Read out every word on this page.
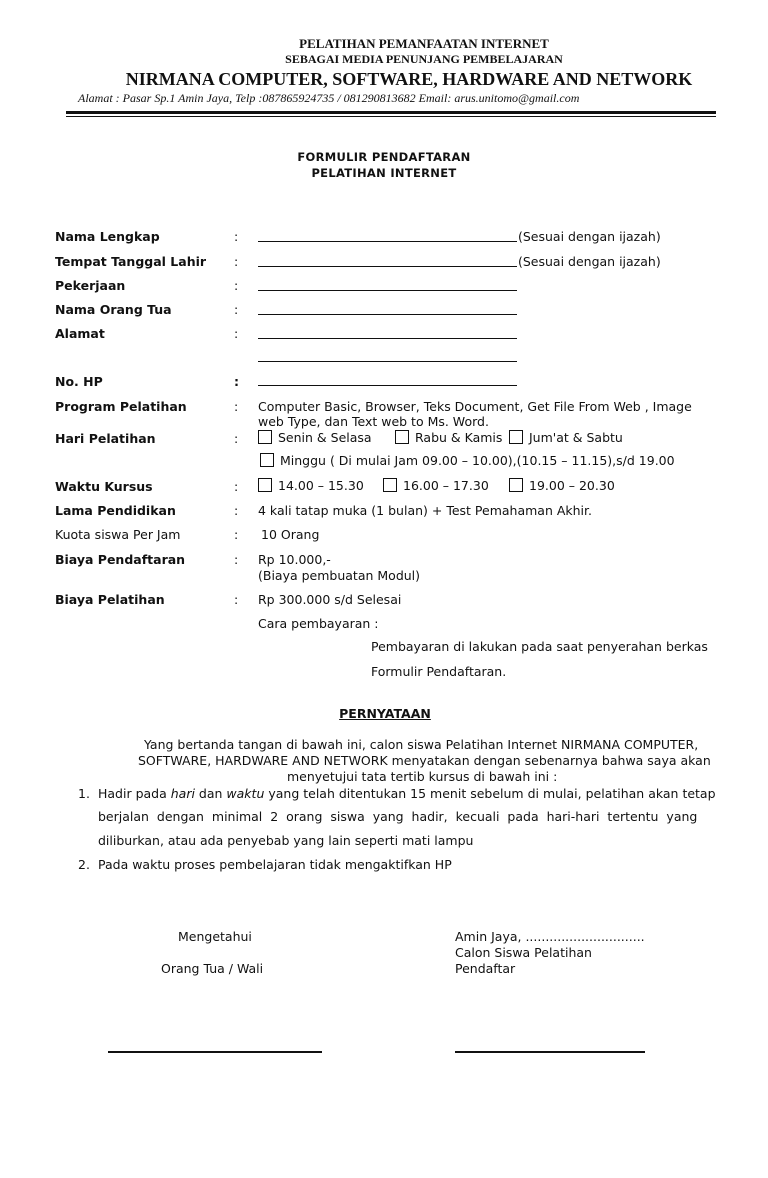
PELATIHAN PEMANFAATAN INTERNET
SEBAGAI MEDIA PENUNJANG PEMBELAJARAN
NIRMANA COMPUTER, SOFTWARE, HARDWARE AND NETWORK
Alamat : Pasar Sp.1 Amin Jaya, Telp :087865924735 / 081290813682 Email: arus.unitomo@gmail.com
FORMULIR PENDAFTARAN
PELATIHAN INTERNET
Nama Lengkap	:	(Sesuai dengan ijazah)
Tempat Tanggal Lahir :	(Sesuai dengan ijazah)
Pekerjaan	:
Nama Orang Tua	:
Alamat	:
No. HP	:
Program Pelatihan	: Computer Basic, Browser, Teks Document, Get File From Web , Image
web Type, dan Text web to Ms. Word.
Hari Pelatihan	:	Senin & Selasa	Rabu & Kamis	Jum'at & Sabtu
Minggu ( Di mulai Jam 09.00 – 10.00),(10.15 – 11.15),s/d 19.00
Waktu Kursus	:	14.00 – 15.30	16.00 – 17.30	19.00 – 20.30
Lama Pendidikan	: 4 kali tatap muka (1 bulan) + Test Pemahaman Akhir.
Kuota siswa Per Jam	: 10 Orang
Biaya Pendaftaran	: Rp 10.000,-
(Biaya pembuatan Modul)
Biaya Pelatihan	: Rp 300.000 s/d Selesai
Cara pembayaran :
Pembayaran di lakukan pada saat penyerahan berkas
Formulir Pendaftaran.
PERNYATAAN
Yang bertanda tangan di bawah ini, calon siswa Pelatihan Internet NIRMANA COMPUTER,
SOFTWARE, HARDWARE AND NETWORK menyatakan dengan sebenarnya bahwa saya akan
menyetujui tata tertib kursus di bawah ini :
1. Hadir pada hari dan waktu yang telah ditentukan 15 menit sebelum di mulai, pelatihan akan tetap
berjalan  dengan  minimal  2  orang  siswa  yang  hadir,  kecuali  pada  hari-hari  tertentu  yang
diliburkan, atau ada penyebab yang lain seperti mati lampu
2. Pada waktu proses pembelajaran tidak mengaktifkan HP
Mengetahui
Orang Tua / Wali
Amin Jaya, ..............................
Calon Siswa Pelatihan
Pendaftar
